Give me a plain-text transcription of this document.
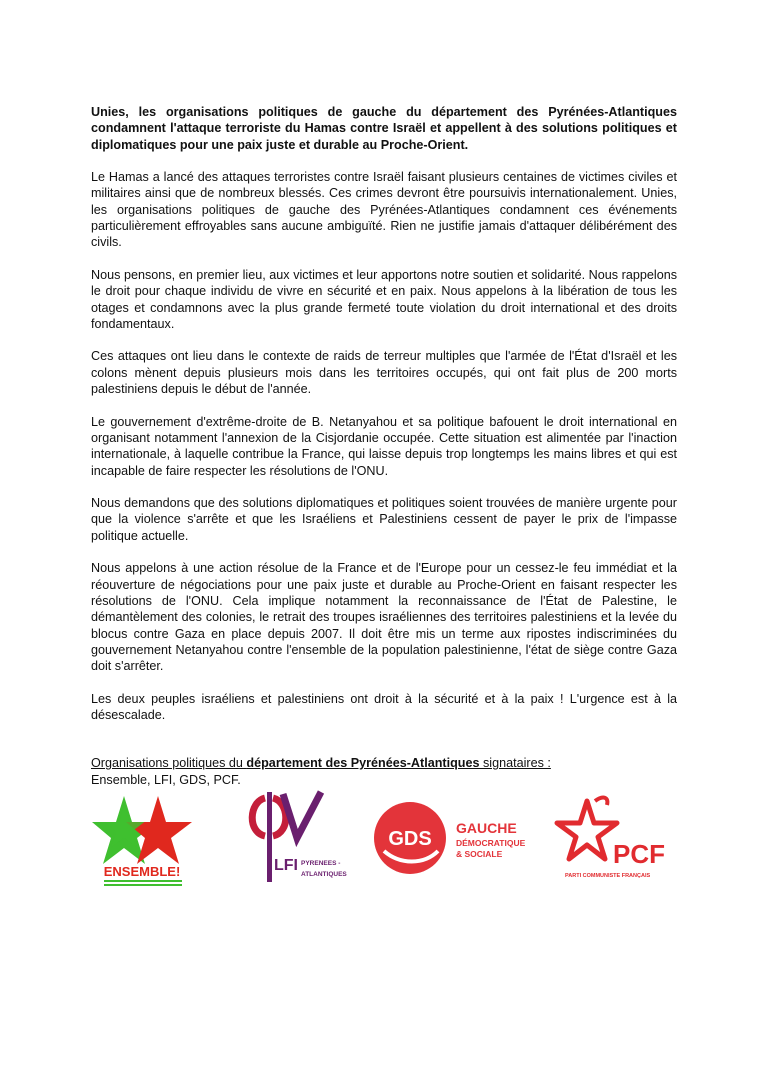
Unies, les organisations politiques de gauche du département des Pyrénées-Atlantiques condamnent l'attaque terroriste du Hamas contre Israël et appellent à des solutions politiques et diplomatiques pour une paix juste et durable au Proche-Orient.

Le Hamas a lancé des attaques terroristes contre Israël faisant plusieurs centaines de victimes civiles et militaires ainsi que de nombreux blessés. Ces crimes devront être poursuivis internationalement. Unies, les organisations politiques de gauche des Pyrénées-Atlantiques condamnent ces événements particulièrement effroyables sans aucune ambiguïté. Rien ne justifie jamais d'attaquer délibérément des civils.

Nous pensons, en premier lieu, aux victimes et leur apportons notre soutien et solidarité. Nous rappelons le droit pour chaque individu de vivre en sécurité et en paix. Nous appelons à la libération de tous les otages et condamnons avec la plus grande fermeté toute violation du droit international et des droits fondamentaux.

Ces attaques ont lieu dans le contexte de raids de terreur multiples que l'armée de l'État d'Israël et les colons mènent depuis plusieurs mois dans les territoires occupés, qui ont fait plus de 200 morts palestiniens depuis le début de l'année.

Le gouvernement d'extrême-droite de B. Netanyahou et sa politique bafouent le droit international en organisant notamment l'annexion de la Cisjordanie occupée. Cette situation est alimentée par l'inaction internationale, à laquelle contribue la France, qui laisse depuis trop longtemps les mains libres et qui est incapable de faire respecter les résolutions de l'ONU.

Nous demandons que des solutions diplomatiques et politiques soient trouvées de manière urgente pour que la violence s'arrête et que les Israéliens et Palestiniens cessent de payer le prix de l'impasse politique actuelle.

Nous appelons à une action résolue de la France et de l'Europe pour un cessez-le feu immédiat et la réouverture de négociations pour une paix juste et durable au Proche-Orient en faisant respecter les résolutions de l'ONU. Cela implique notamment la reconnaissance de l'État de Palestine, le démantèlement des colonies, le retrait des troupes israéliennes des territoires palestiniens et la levée du blocus contre Gaza en place depuis 2007. Il doit être mis un terme aux ripostes indiscriminées du gouvernement Netanyahou contre l'ensemble de la population palestinienne, l'état de siège contre Gaza doit s'arrêter.

Les deux peuples israéliens et palestiniens ont droit à la sécurité et à la paix ! L'urgence est à la désescalade.

Organisations politiques du département des Pyrénées-Atlantiques signataires :
Ensemble, LFI, GDS, PCF.
ENSEMBLE!	LFI PYRENEES -
ATLANTIQUES
GDS GAUCHE
DÉMOCRATIQUE
& SOCIALE	PCF
PARTI COMMUNISTE FRANÇAIS
